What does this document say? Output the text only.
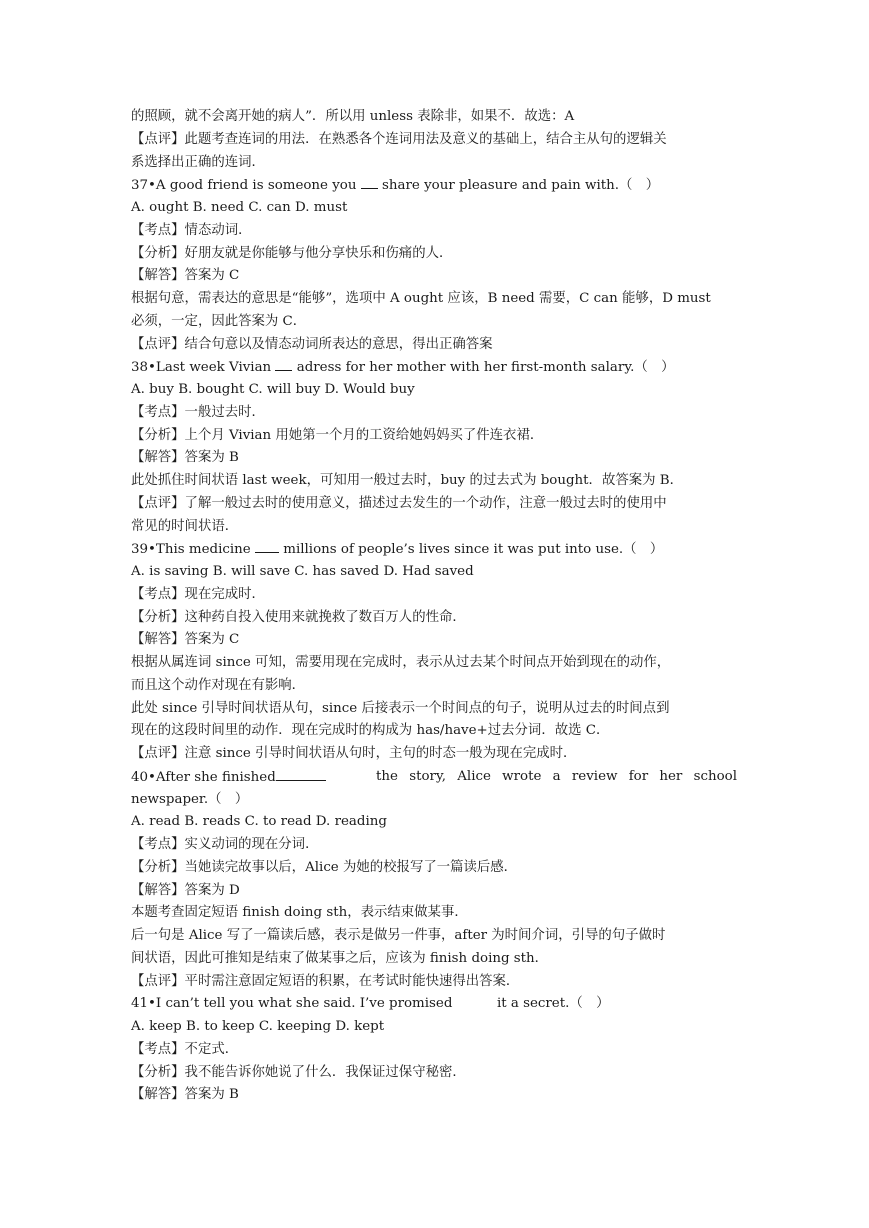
的照顾，就不会离开她的病人”．所以用 unless 表除非，如果不．故选：A
【点评】此题考查连词的用法．在熟悉各个连词用法及意义的基础上，结合主从句的逻辑关
系选择出正确的连词．
37•A good friend is someone you share your pleasure and pain with.（　）
A. ought B. need C. can D. must
【考点】情态动词．
【分析】好朋友就是你能够与他分享快乐和伤痛的人．
【解答】答案为 C
根据句意，需表达的意思是“能够”，选项中 A ought 应该，B need 需要，C can 能够，D must
必须，一定，因此答案为 C．
【点评】结合句意以及情态动词所表达的意思，得出正确答案
38•Last week Vivian adress for her mother with her first-month salary.（　）
A. buy B. bought C. will buy D. Would buy
【考点】一般过去时．
【分析】上个月 Vivian 用她第一个月的工资给她妈妈买了件连衣裙．
【解答】答案为 B
此处抓住时间状语 last week，可知用一般过去时，buy 的过去式为 bought．故答案为 B．
【点评】了解一般过去时的使用意义，描述过去发生的一个动作，注意一般过去时的使用中
常见的时间状语．
39•This medicine millions of people’s lives since it was put into use.（　）
A. is saving B. will save C. has saved D. Had saved
【考点】现在完成时．
【分析】这种药自投入使用来就挽救了数百万人的性命．
【解答】答案为 C
根据从属连词 since 可知，需要用现在完成时，表示从过去某个时间点开始到现在的动作，
而且这个动作对现在有影响．
此处 since 引导时间状语从句，since 后接表示一个时间点的句子，说明从过去的时间点到
现在的这段时间里的动作．现在完成时的构成为 has/have+过去分词．故选 C．
【点评】注意 since 引导时间状语从句时，主句的时态一般为现在完成时．
40•After she finished	the story, Alice wrote a review for her school
newspaper.（　）
A. read B. reads C. to read D. reading
【考点】实义动词的现在分词．
【分析】当她读完故事以后，Alice 为她的校报写了一篇读后感．
【解答】答案为 D
本题考查固定短语 finish doing sth，表示结束做某事．
后一句是 Alice 写了一篇读后感，表示是做另一件事，after 为时间介词，引导的句子做时
间状语，因此可推知是结束了做某事之后，应该为 finish doing sth．
【点评】平时需注意固定短语的积累，在考试时能快速得出答案．
41•I can’t tell you what she said. I’ve promised	it a secret.（　）
A. keep B. to keep C. keeping D. kept
【考点】不定式．
【分析】我不能告诉你她说了什么．我保证过保守秘密．
【解答】答案为 B
